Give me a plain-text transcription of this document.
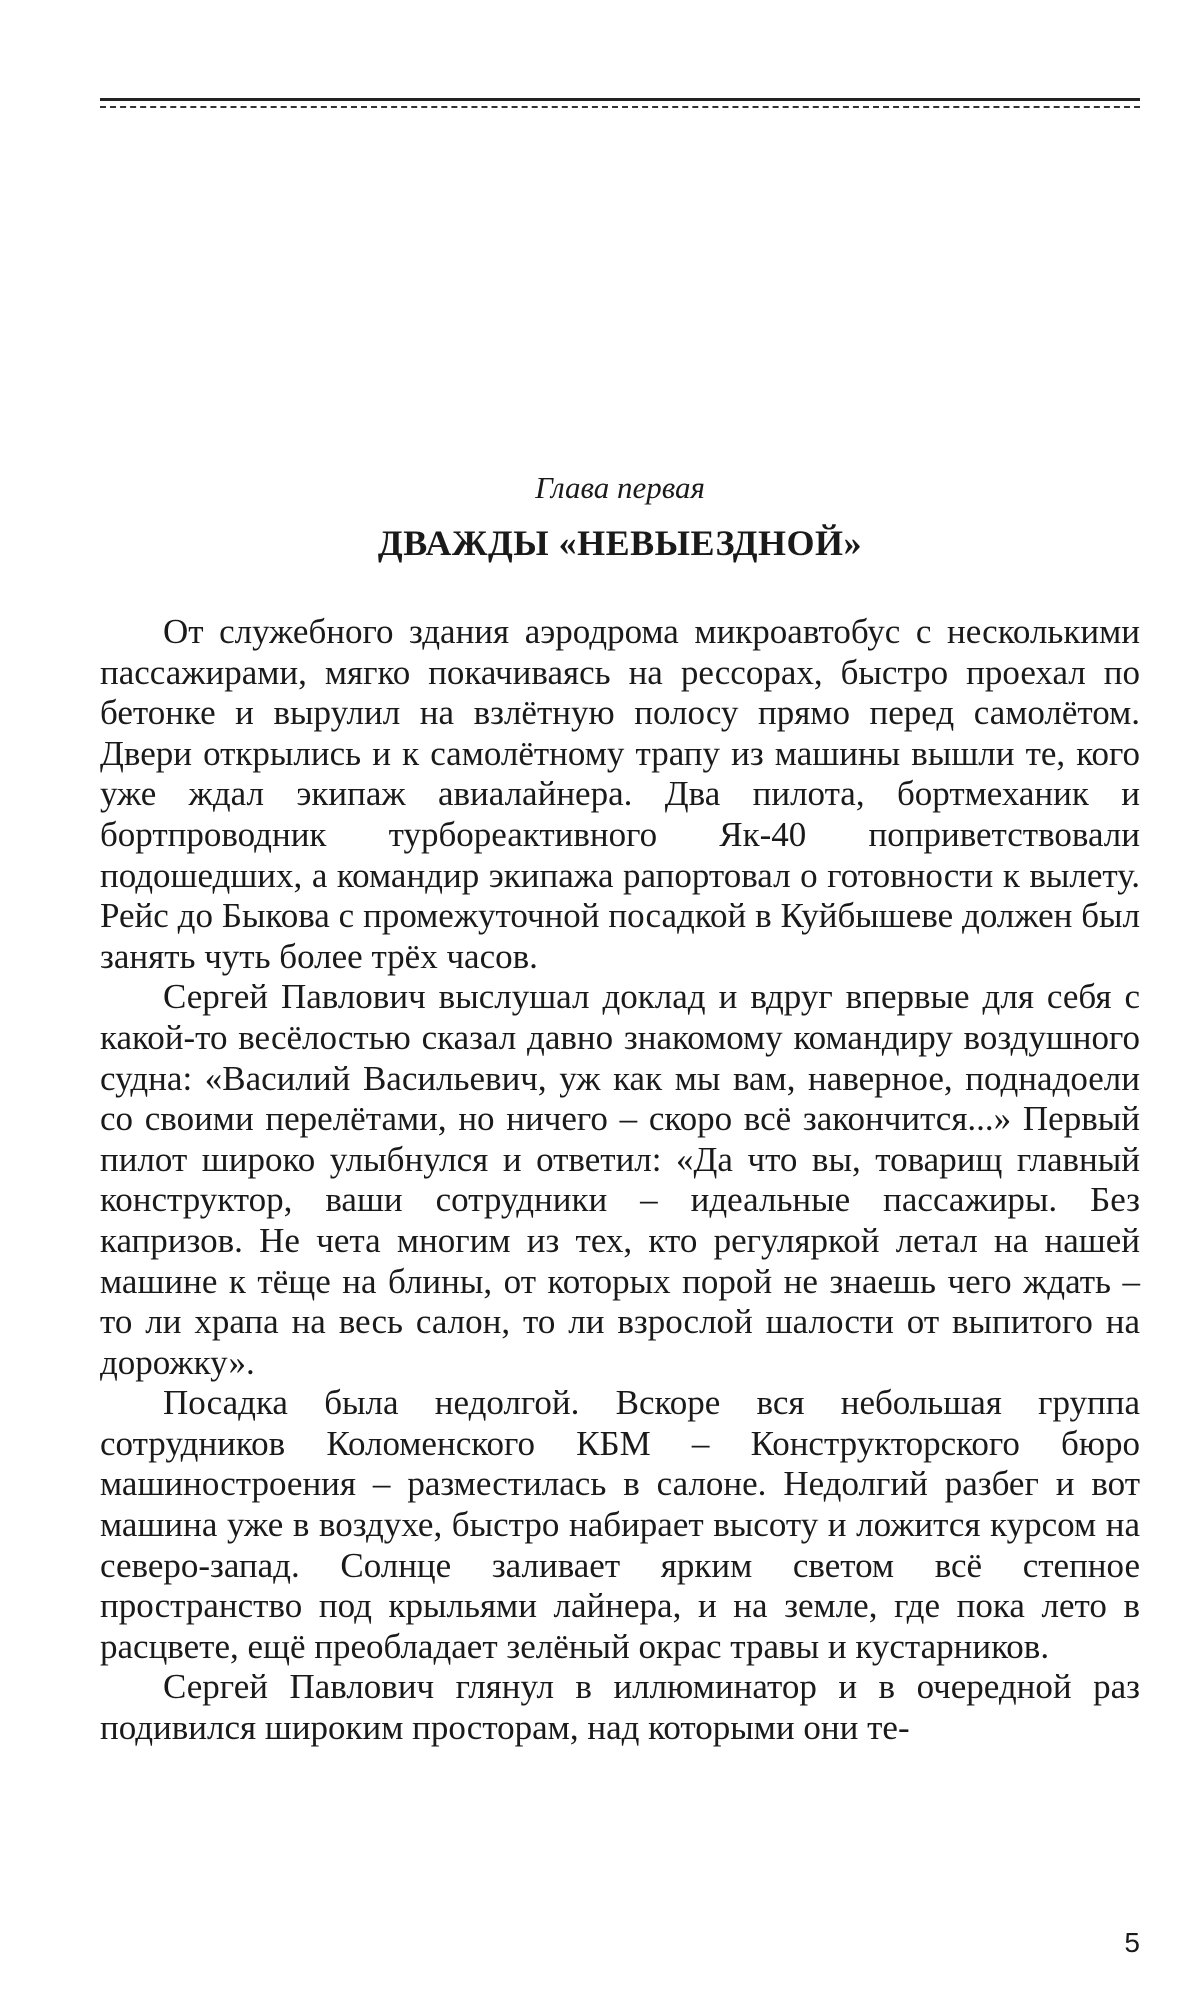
Глава первая
ДВАЖДЫ «НЕВЫЕЗДНОЙ»

От служебного здания аэродрома микроавтобус с несколькими пассажирами, мягко покачиваясь на рессорах, быстро проехал по бетонке и вырулил на взлётную полосу прямо перед самолётом. Двери открылись и к самолётному трапу из машины вышли те, кого уже ждал экипаж авиалайнера. Два пилота, бортмеханик и бортпроводник турбореактивного Як-40 поприветствовали подошедших, а командир экипажа рапортовал о готовности к вылету. Рейс до Быкова с промежуточной посадкой в Куйбышеве должен был занять чуть более трёх часов.

Сергей Павлович выслушал доклад и вдруг впервые для себя с какой-то весёлостью сказал давно знакомому командиру воздушного судна: «Василий Васильевич, уж как мы вам, наверное, поднадоели со своими перелётами, но ничего – скоро всё закончится...» Первый пилот широко улыбнулся и ответил: «Да что вы, товарищ главный конструктор, ваши сотрудники – идеальные пассажиры. Без капризов. Не чета многим из тех, кто регуляркой летал на нашей машине к тёще на блины, от которых порой не знаешь чего ждать – то ли храпа на весь салон, то ли взрослой шалости от выпитого на дорожку».

Посадка была недолгой. Вскоре вся небольшая группа сотрудников Коломенского КБМ – Конструкторского бюро машиностроения – разместилась в салоне. Недолгий разбег и вот машина уже в воздухе, быстро набирает высоту и ложится курсом на северо-запад. Солнце заливает ярким светом всё степное пространство под крыльями лайнера, и на земле, где пока лето в расцвете, ещё преобладает зелёный окрас травы и кустарников.

Сергей Павлович глянул в иллюминатор и в очередной раз подивился широким просторам, над которыми они те-

5
